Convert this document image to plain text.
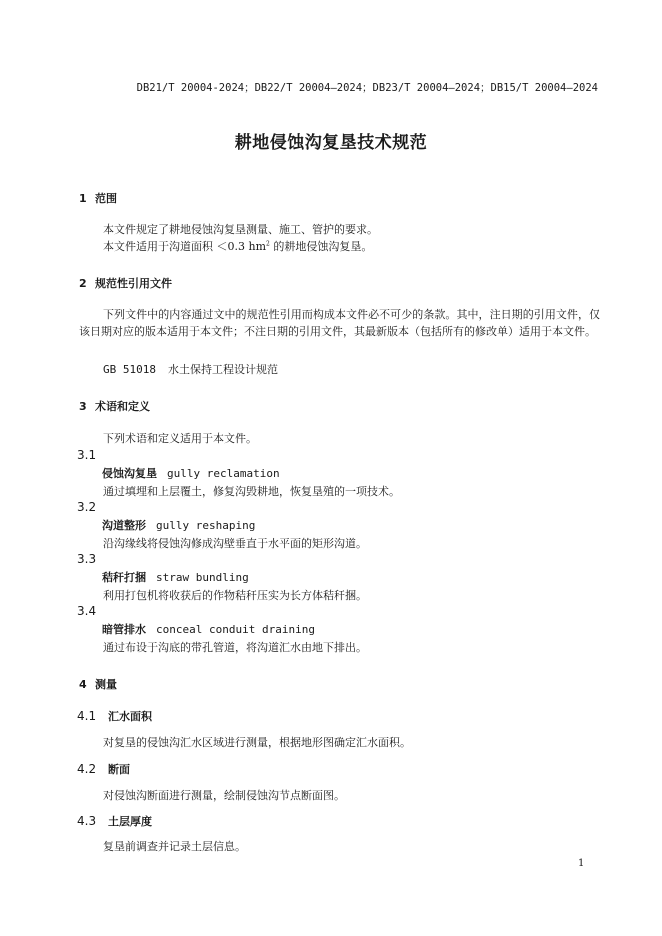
DB21/T 20004-2024；DB22/T 20004—2024；DB23/T 20004—2024；DB15/T 20004—2024
耕地侵蚀沟复垦技术规范
1 范围
本文件规定了耕地侵蚀沟复垦测量、施工、管护的要求。
本文件适用于沟道面积 ＜0.3 $hm^2$ 的耕地侵蚀沟复垦。
2 规范性引用文件
下列文件中的内容通过文中的规范性引用而构成本文件必不可少的条款。其中，注日期的引用文件，仅该日期对应的版本适用于本文件；不注日期的引用文件，其最新版本（包括所有的修改单）适用于本文件。
GB 51018 水土保持工程设计规范
3 术语和定义
下列术语和定义适用于本文件。
3.1
侵蚀沟复垦 gully reclamation
通过填埋和上层覆土，修复沟毁耕地，恢复垦殖的一项技术。
3.2
沟道整形 gully reshaping
沿沟缘线将侵蚀沟修成沟壁垂直于水平面的矩形沟道。
3.3
秸秆打捆 straw bundling
利用打包机将收获后的作物秸秆压实为长方体秸秆捆。
3.4
暗管排水 conceal conduit draining
通过布设于沟底的带孔管道，将沟道汇水由地下排出。
4 测量
4.1 汇水面积
对复垦的侵蚀沟汇水区域进行测量，根据地形图确定汇水面积。
4.2 断面
对侵蚀沟断面进行测量，绘制侵蚀沟节点断面图。
4.3 土层厚度
复垦前调查并记录土层信息。
1
